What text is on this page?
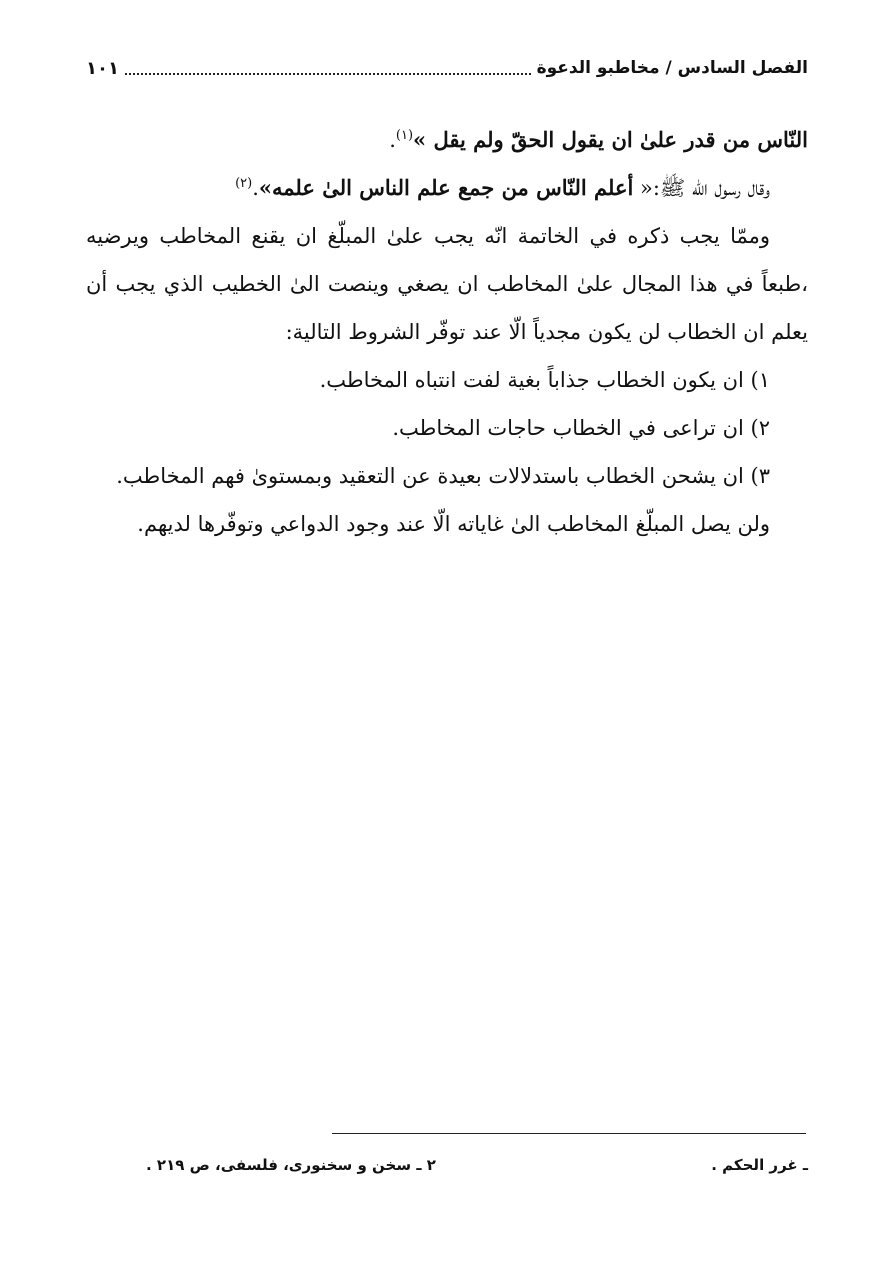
الفصل السادس / مخاطبو الدعوة
١٠١

النّاس من قدر علىٰ ان يقول الحقّ ولم يقل »$^{(١)}$.

وقال رسول اللّه ﷺ:« أعلم النّاس من جمع علم الناس الىٰ علمه».$^{(٢)}$

وممّا يجب ذكره في الخاتمة انّه يجب علىٰ المبلّغ ان يقنع المخاطب ويرضيه ،طبعاً في هذا المجال علىٰ المخاطب ان يصغي وينصت الىٰ الخطيب الذي يجب أن يعلم ان الخطاب لن يكون مجدياً الّا عند توفّر الشروط التالية:

١) ان يكون الخطاب جذاباً بغية لفت انتباه المخاطب.

٢) ان تراعى في الخطاب حاجات المخاطب.

٣) ان يشحن الخطاب باستدلالات بعيدة عن التعقيد وبمستوىٰ فهم المخاطب.

ولن يصل المبلّغ المخاطب الىٰ غاياته الّا عند وجود الدواعي وتوفّرها لديهم.

ـ غرر الحكم .
٢ ـ سخن و سخنوری، فلسفی، ص ٢١٩ .
